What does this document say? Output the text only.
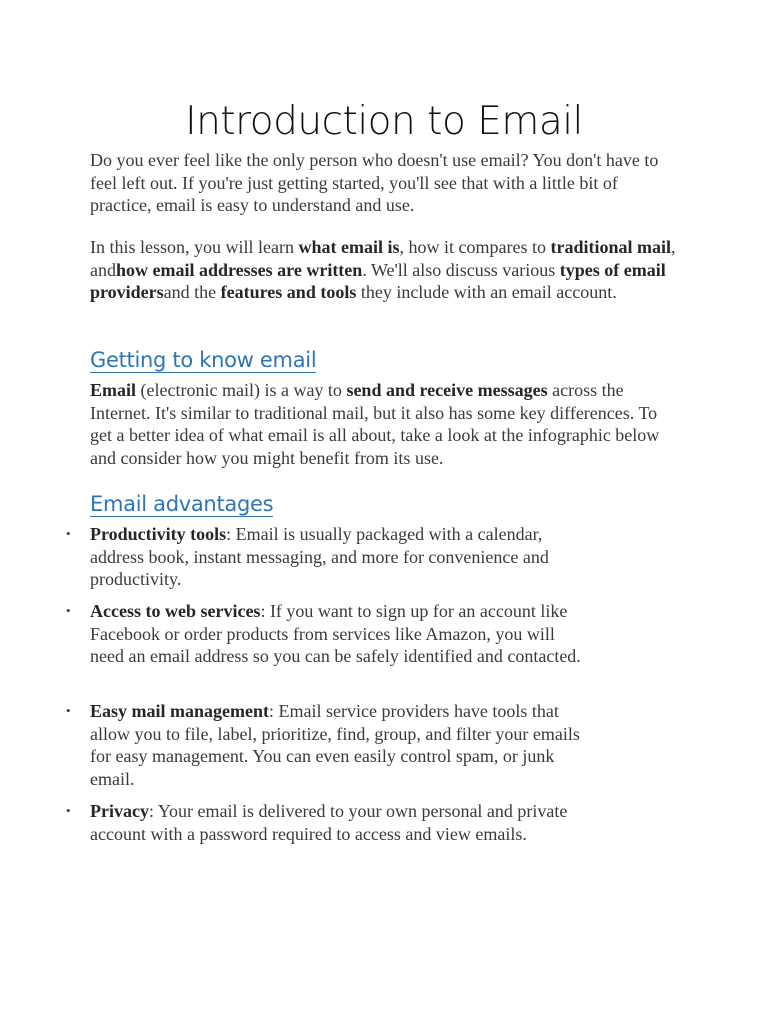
Introduction to Email

Do you ever feel like the only person who doesn't use email? You don't have to feel left out. If you're just getting started, you'll see that with a little bit of practice, email is easy to understand and use.

In this lesson, you will learn what email is, how it compares to traditional mail, andhow email addresses are written. We'll also discuss various types of email providersand the features and tools they include with an email account.

Getting to know email

Email (electronic mail) is a way to send and receive messages across the Internet. It's similar to traditional mail, but it also has some key differences. To get a better idea of what email is all about, take a look at the infographic below and consider how you might benefit from its use.

Email advantages
• Productivity tools: Email is usually packaged with a calendar, address book, instant messaging, and more for convenience and productivity.
• Access to web services: If you want to sign up for an account like Facebook or order products from services like Amazon, you will need an email address so you can be safely identified and contacted.
• Easy mail management: Email service providers have tools that allow you to file, label, prioritize, find, group, and filter your emails for easy management. You can even easily control spam, or junk email.
• Privacy: Your email is delivered to your own personal and private account with a password required to access and view emails.
